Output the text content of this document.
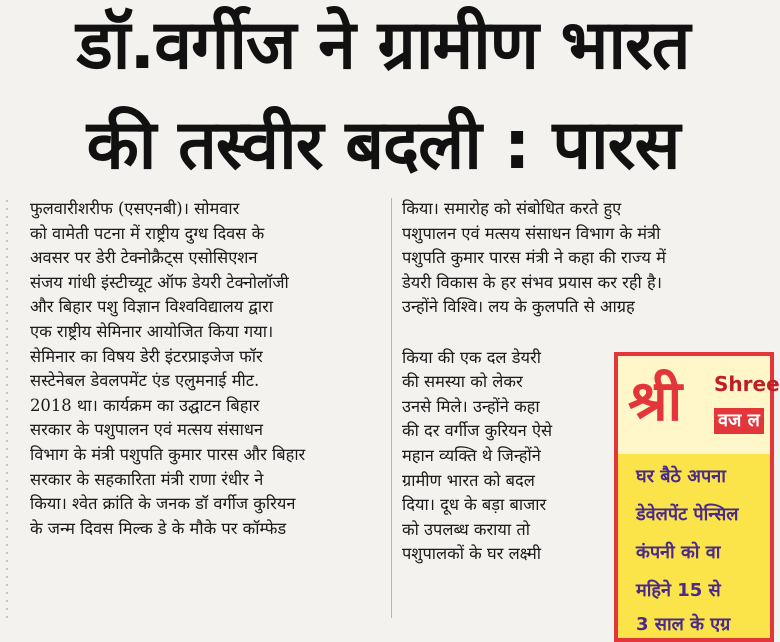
डॉ.वर्गीज ने ग्रामीण भारत
की तस्वीर बदली : पारस
फुलवारीशरीफ (एसएनबी)। सोमवार
को वामेती पटना में राष्ट्रीय दुग्ध दिवस के
अवसर पर डेरी टेक्नोक्रैट्स एसोसिएशन
संजय गांधी इंस्टीच्यूट ऑफ डेयरी टेक्नोलॉजी
और बिहार पशु विज्ञान विश्वविद्यालय द्वारा
एक राष्ट्रीय सेमिनार आयोजित किया गया।
सेमिनार का विषय डेरी इंटरप्राइजेज फॉर
सस्टेनेबल डेवलपमेंट एंड एलुमनाई मीट.
2018 था। कार्यक्रम का उद्घाटन बिहार
सरकार के पशुपालन एवं मत्सय संसाधन
विभाग के मंत्री पशुपति कुमार पारस और बिहार
सरकार के सहकारिता मंत्री राणा रंधीर ने
किया। श्वेत क्रांति के जनक डॉ वर्गीज कुरियन
के जन्म दिवस मिल्क डे के मौके पर कॉम्फेड
किया। समारोह को संबोधित करते हुए
पशुपालन एवं मत्सय संसाधन विभाग के मंत्री
पशुपति कुमार पारस मंत्री ने कहा की राज्य में
डेयरी विकास के हर संभव प्रयास कर रही है।
उन्होंने विश्वि। लय के कुलपति से आग्रह
किया की एक दल डेयरी
की समस्या को लेकर
उनसे मिले। उन्होंने कहा
की दर वर्गीज कुरियन ऐसे
महान व्यक्ति थे जिन्होंने
ग्रामीण भारत को बदल
दिया। दूध के बड़ा बाजार
को उपलब्ध कराया तो
पशुपालकों के घर लक्ष्मी
श्री Shree
वज ल
घर बैठे अपना
डेवेलपेंट पेन्सिल
कंपनी को वा
महिने 15 से
3 साल के एग्र
